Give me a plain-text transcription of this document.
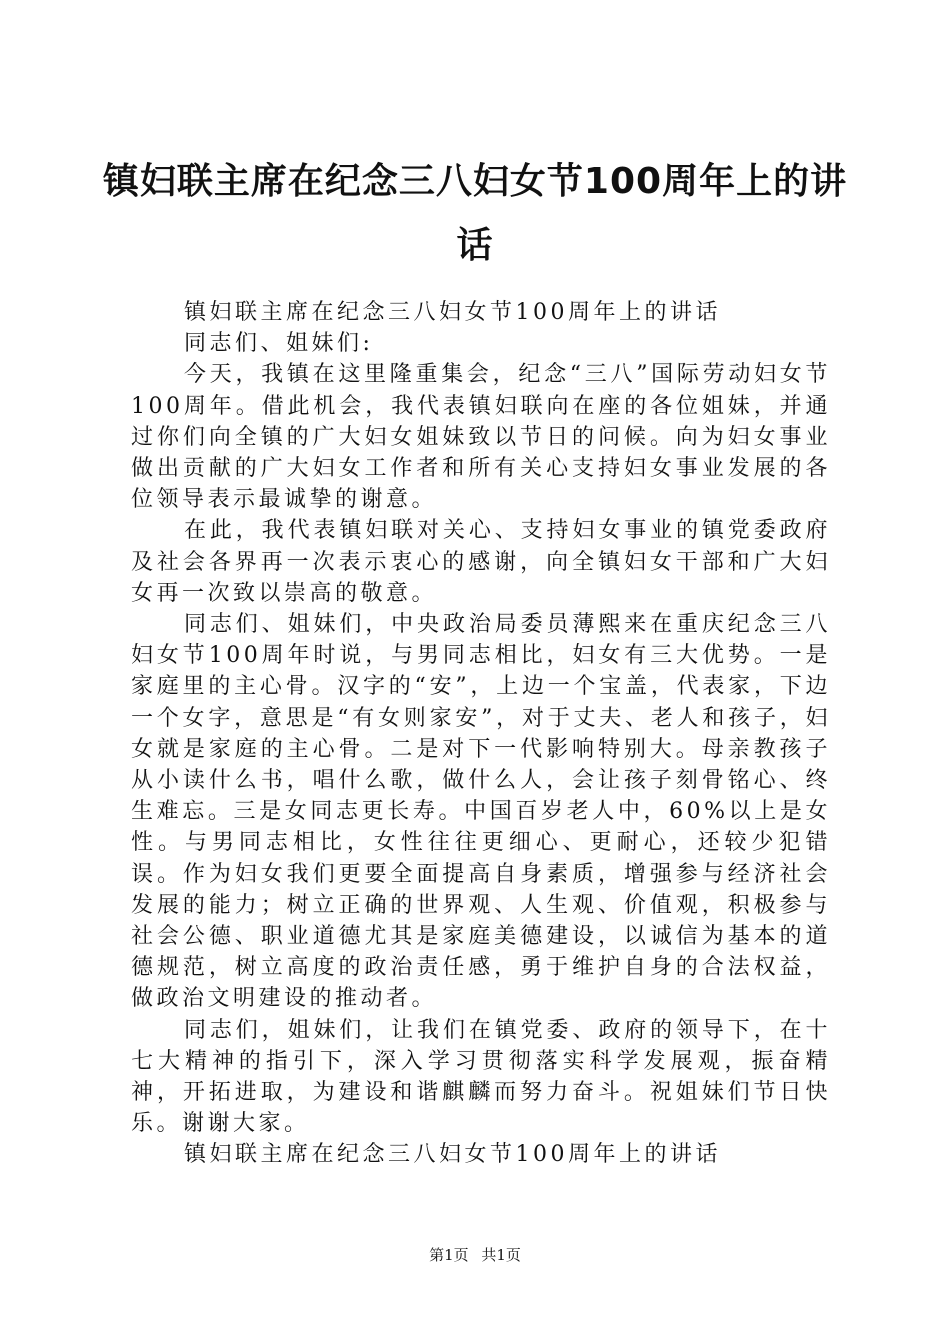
镇妇联主席在纪念三八妇女节100周年上的讲话

镇妇联主席在纪念三八妇女节100周年上的讲话

同志们、姐妹们:

今天，我镇在这里隆重集会，纪念“三八”国际劳动妇女节100周年。借此机会，我代表镇妇联向在座的各位姐妹，并通过你们向全镇的广大妇女姐妹致以节日的问候。向为妇女事业做出贡献的广大妇女工作者和所有关心支持妇女事业发展的各位领导表示最诚挚的谢意。

在此，我代表镇妇联对关心、支持妇女事业的镇党委政府及社会各界再一次表示衷心的感谢，向全镇妇女干部和广大妇女再一次致以崇高的敬意。

同志们、姐妹们，中央政治局委员薄熙来在重庆纪念三八妇女节100周年时说，与男同志相比，妇女有三大优势。一是家庭里的主心骨。汉字的“安”，上边一个宝盖，代表家，下边一个女字，意思是“有女则家安”，对于丈夫、老人和孩子，妇女就是家庭的主心骨。二是对下一代影响特别大。母亲教孩子从小读什么书，唱什么歌，做什么人，会让孩子刻骨铭心、终生难忘。三是女同志更长寿。中国百岁老人中，60%以上是女性。与男同志相比，女性往往更细心、更耐心，还较少犯错误。作为妇女我们更要全面提高自身素质，增强参与经济社会发展的能力；树立正确的世界观、人生观、价值观，积极参与社会公德、职业道德尤其是家庭美德建设，以诚信为基本的道德规范，树立高度的政治责任感，勇于维护自身的合法权益，做政治文明建设的推动者。

同志们，姐妹们，让我们在镇党委、政府的领导下，在十七大精神的指引下，深入学习贯彻落实科学发展观，振奋精神，开拓进取，为建设和谐麒麟而努力奋斗。祝姐妹们节日快乐。谢谢大家。

镇妇联主席在纪念三八妇女节100周年上的讲话

第1页 共1页
